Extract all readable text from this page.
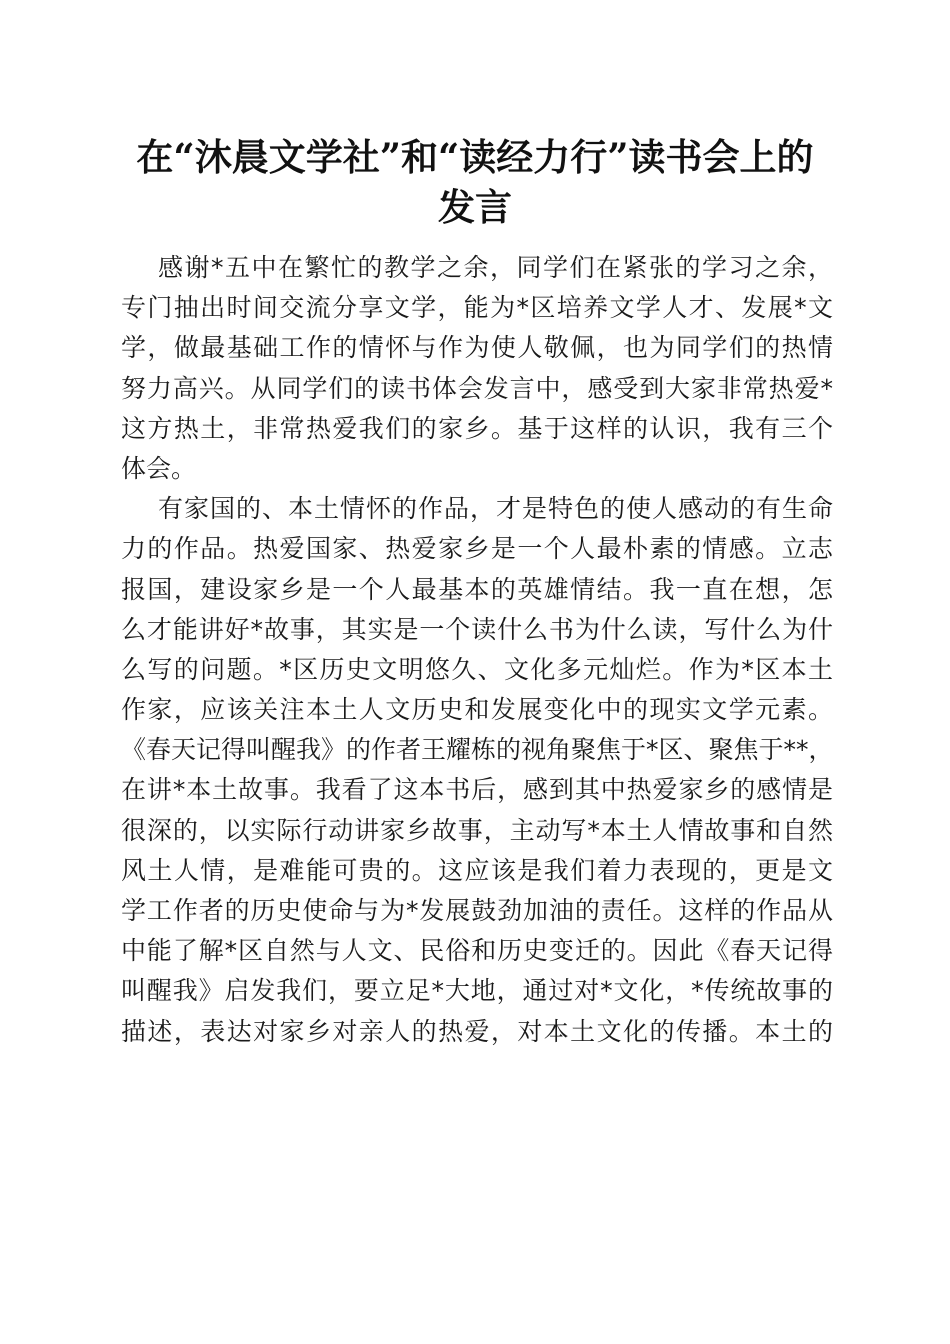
在“沐晨文学社”和“读经力行”读书会上的
发言
感谢*五中在繁忙的教学之余，同学们在紧张的学习之余，
专门抽出时间交流分享文学，能为*区培养文学人才、发展*文
学，做最基础工作的情怀与作为使人敬佩，也为同学们的热情
努力高兴。从同学们的读书体会发言中，感受到大家非常热爱*
这方热土，非常热爱我们的家乡。基于这样的认识，我有三个
体会。
有家国的、本土情怀的作品，才是特色的使人感动的有生命
力的作品。热爱国家、热爱家乡是一个人最朴素的情感。立志
报国，建设家乡是一个人最基本的英雄情结。我一直在想，怎
么才能讲好*故事，其实是一个读什么书为什么读，写什么为什
么写的问题。*区历史文明悠久、文化多元灿烂。作为*区本土
作家，应该关注本土人文历史和发展变化中的现实文学元素。
《春天记得叫醒我》的作者王耀栋的视角聚焦于*区、聚焦于**，
在讲*本土故事。我看了这本书后，感到其中热爱家乡的感情是
很深的，以实际行动讲家乡故事，主动写*本土人情故事和自然
风土人情，是难能可贵的。这应该是我们着力表现的，更是文
学工作者的历史使命与为*发展鼓劲加油的责任。这样的作品从
中能了解*区自然与人文、民俗和历史变迁的。因此《春天记得
叫醒我》启发我们，要立足*大地，通过对*文化，*传统故事的
描述，表达对家乡对亲人的热爱，对本土文化的传播。本土的
